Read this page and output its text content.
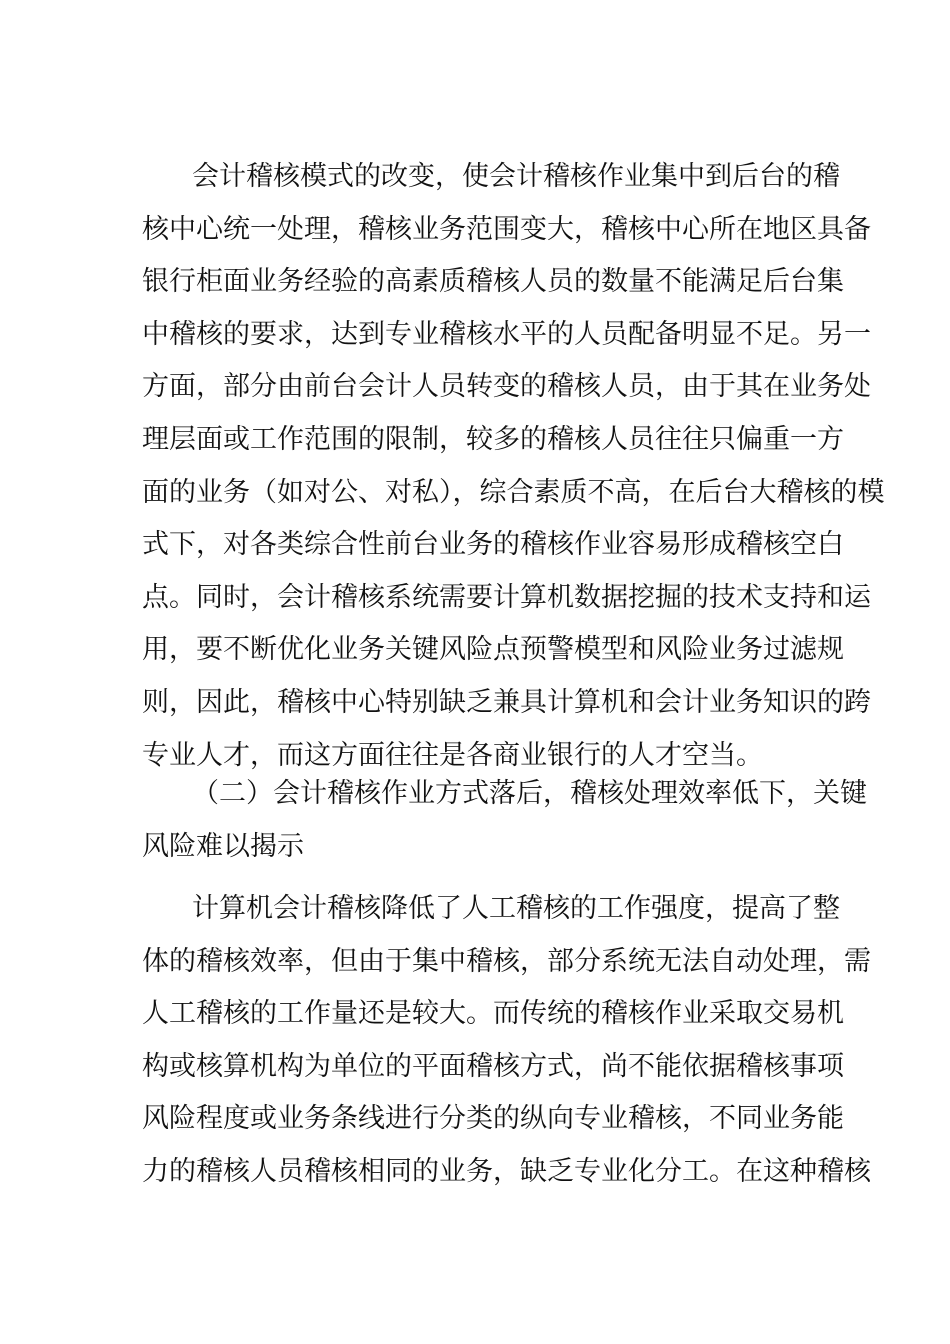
会计稽核模式的改变，使会计稽核作业集中到后台的稽
核中心统一处理，稽核业务范围变大，稽核中心所在地区具备
银行柜面业务经验的高素质稽核人员的数量不能满足后台集
中稽核的要求，达到专业稽核水平的人员配备明显不足。另一
方面，部分由前台会计人员转变的稽核人员，由于其在业务处
理层面或工作范围的限制，较多的稽核人员往往只偏重一方
面的业务（如对公、对私），综合素质不高，在后台大稽核的模
式下，对各类综合性前台业务的稽核作业容易形成稽核空白
点。同时，会计稽核系统需要计算机数据挖掘的技术支持和运
用，要不断优化业务关键风险点预警模型和风险业务过滤规
则，因此，稽核中心特别缺乏兼具计算机和会计业务知识的跨
专业人才，而这方面往往是各商业银行的人才空当。
（二）会计稽核作业方式落后，稽核处理效率低下，关键
风险难以揭示
计算机会计稽核降低了人工稽核的工作强度，提高了整
体的稽核效率，但由于集中稽核，部分系统无法自动处理，需
人工稽核的工作量还是较大。而传统的稽核作业采取交易机
构或核算机构为单位的平面稽核方式，尚不能依据稽核事项
风险程度或业务条线进行分类的纵向专业稽核，不同业务能
力的稽核人员稽核相同的业务，缺乏专业化分工。在这种稽核
